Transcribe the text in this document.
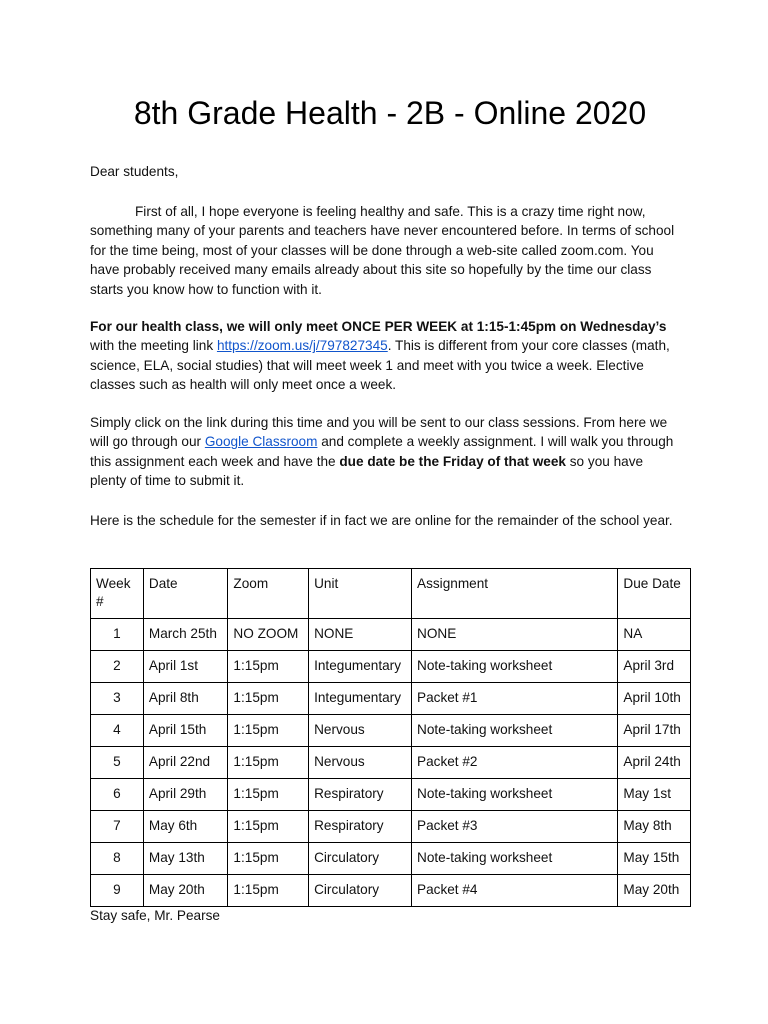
8th Grade Health - 2B - Online 2020

Dear students,

First of all, I hope everyone is feeling healthy and safe. This is a crazy time right now, something many of your parents and teachers have never encountered before. In terms of school for the time being, most of your classes will be done through a web-site called zoom.com. You have probably received many emails already about this site so hopefully by the time our class starts you know how to function with it.

For our health class, we will only meet ONCE PER WEEK at 1:15-1:45pm on Wednesday’s with the meeting link https://zoom.us/j/797827345. This is different from your core classes (math, science, ELA, social studies) that will meet week 1 and meet with you twice a week. Elective classes such as health will only meet once a week.

Simply click on the link during this time and you will be sent to our class sessions. From here we will go through our Google Classroom and complete a weekly assignment. I will walk you through this assignment each week and have the due date be the Friday of that week so you have plenty of time to submit it.

Here is the schedule for the semester if in fact we are online for the remainder of the school year.

Week #	Date	Zoom	Unit	Assignment	Due Date
1	March 25th	NO ZOOM	NONE	NONE	NA
2	April 1st	1:15pm	Integumentary	Note-taking worksheet	April 3rd
3	April 8th	1:15pm	Integumentary	Packet #1	April 10th
4	April 15th	1:15pm	Nervous	Note-taking worksheet	April 17th
5	April 22nd	1:15pm	Nervous	Packet #2	April 24th
6	April 29th	1:15pm	Respiratory	Note-taking worksheet	May 1st
7	May 6th	1:15pm	Respiratory	Packet #3	May 8th
8	May 13th	1:15pm	Circulatory	Note-taking worksheet	May 15th
9	May 20th	1:15pm	Circulatory	Packet #4	May 20th

Stay safe, Mr. Pearse
